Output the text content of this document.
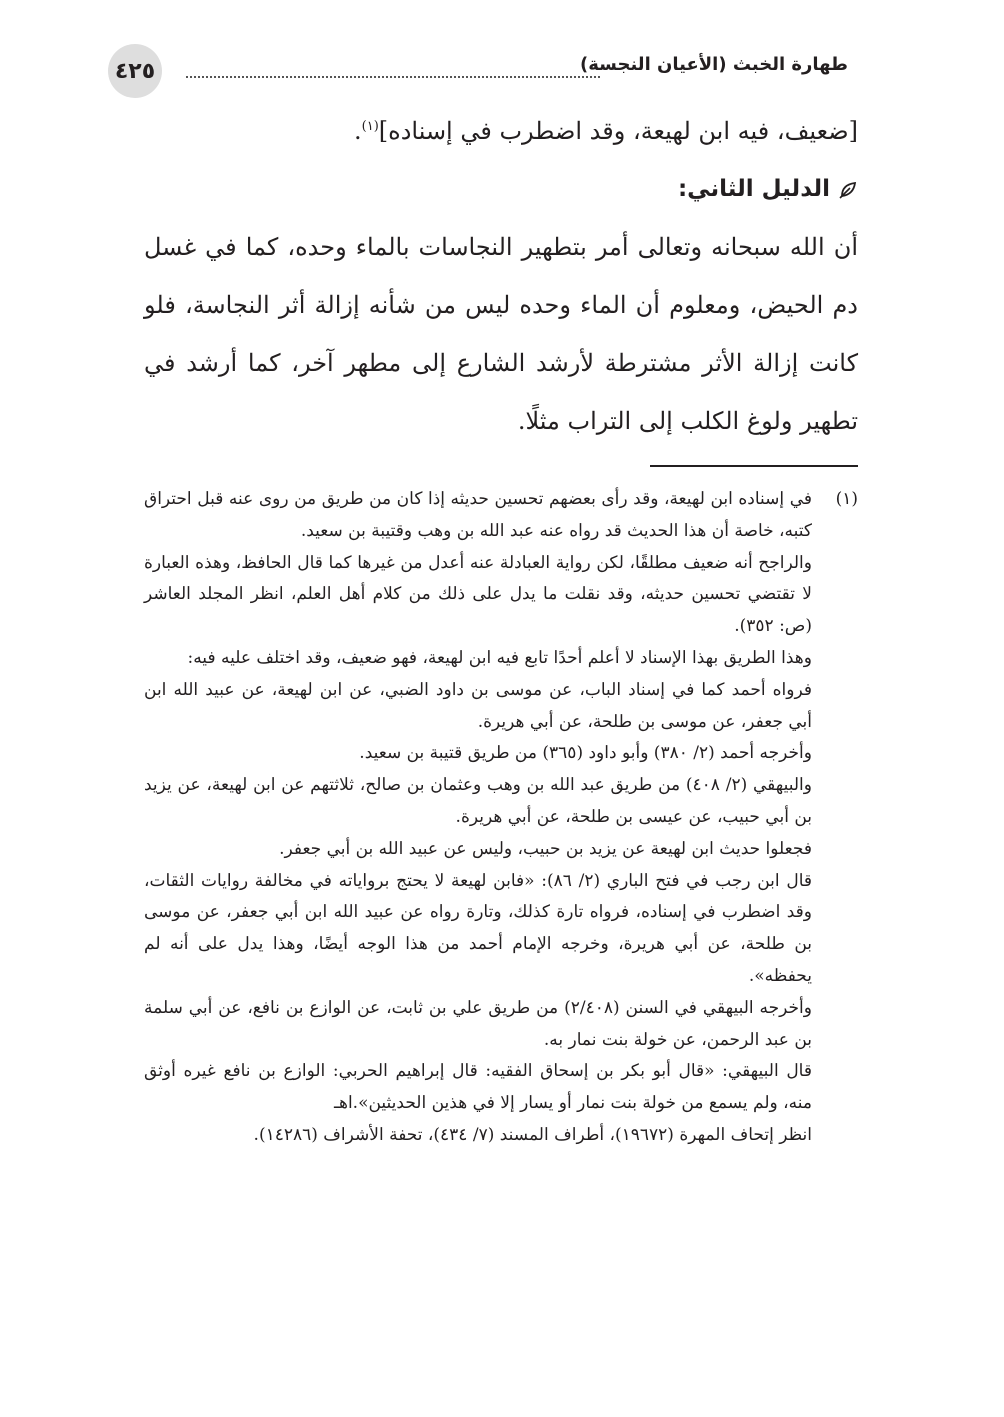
٤٢٥	طهارة الخبث (الأعيان النجسة)
[ضعيف، فيه ابن لهيعة، وقد اضطرب في إسناده]$^{(١)}$.
الدليل الثاني:

أن الله سبحانه وتعالى أمر بتطهير النجاسات بالماء وحده، كما في غسل دم الحيض، ومعلوم أن الماء وحده ليس من شأنه إزالة أثر النجاسة، فلو كانت إزالة الأثر مشترطة لأرشد الشارع إلى مطهر آخر، كما أرشد في تطهير ولوغ الكلب إلى التراب مثلًا.

(١)
في إسناده ابن لهيعة، وقد رأى بعضهم تحسين حديثه إذا كان من طريق من روى عنه قبل احتراق كتبه، خاصة أن هذا الحديث قد رواه عنه عبد الله بن وهب وقتيبة بن سعيد.

والراجح أنه ضعيف مطلقًا، لكن رواية العبادلة عنه أعدل من غيرها كما قال الحافظ، وهذه العبارة لا تقتضي تحسين حديثه، وقد نقلت ما يدل على ذلك من كلام أهل العلم، انظر المجلد العاشر (ص: ٣٥٢).

وهذا الطريق بهذا الإسناد لا أعلم أحدًا تابع فيه ابن لهيعة، فهو ضعيف، وقد اختلف عليه فيه:

فرواه أحمد كما في إسناد الباب، عن موسى بن داود الضبي، عن ابن لهيعة، عن عبيد الله ابن أبي جعفر، عن موسى بن طلحة، عن أبي هريرة.

وأخرجه أحمد (٢/ ٣٨٠) وأبو داود (٣٦٥) من طريق قتيبة بن سعيد.

والبيهقي (٢/ ٤٠٨) من طريق عبد الله بن وهب وعثمان بن صالح، ثلاثتهم عن ابن لهيعة، عن يزيد بن أبي حبيب، عن عيسى بن طلحة، عن أبي هريرة.

فجعلوا حديث ابن لهيعة عن يزيد بن حبيب، وليس عن عبيد الله بن أبي جعفر.

قال ابن رجب في فتح الباري (٢/ ٨٦): «فابن لهيعة لا يحتج برواياته في مخالفة روايات الثقات، وقد اضطرب في إسناده، فرواه تارة كذلك، وتارة رواه عن عبيد الله ابن أبي جعفر، عن موسى بن طلحة، عن أبي هريرة، وخرجه الإمام أحمد من هذا الوجه أيضًا، وهذا يدل على أنه لم يحفظه».

وأخرجه البيهقي في السنن (٢/٤٠٨) من طريق علي بن ثابت، عن الوازع بن نافع، عن أبي سلمة بن عبد الرحمن، عن خولة بنت نمار به.

قال البيهقي: «قال أبو بكر بن إسحاق الفقيه: قال إبراهيم الحربي: الوازع بن نافع غيره أوثق منه، ولم يسمع من خولة بنت نمار أو يسار إلا في هذين الحديثين».اهـ

انظر إتحاف المهرة (١٩٦٧٢)، أطراف المسند (٧/ ٤٣٤)، تحفة الأشراف (١٤٢٨٦).
